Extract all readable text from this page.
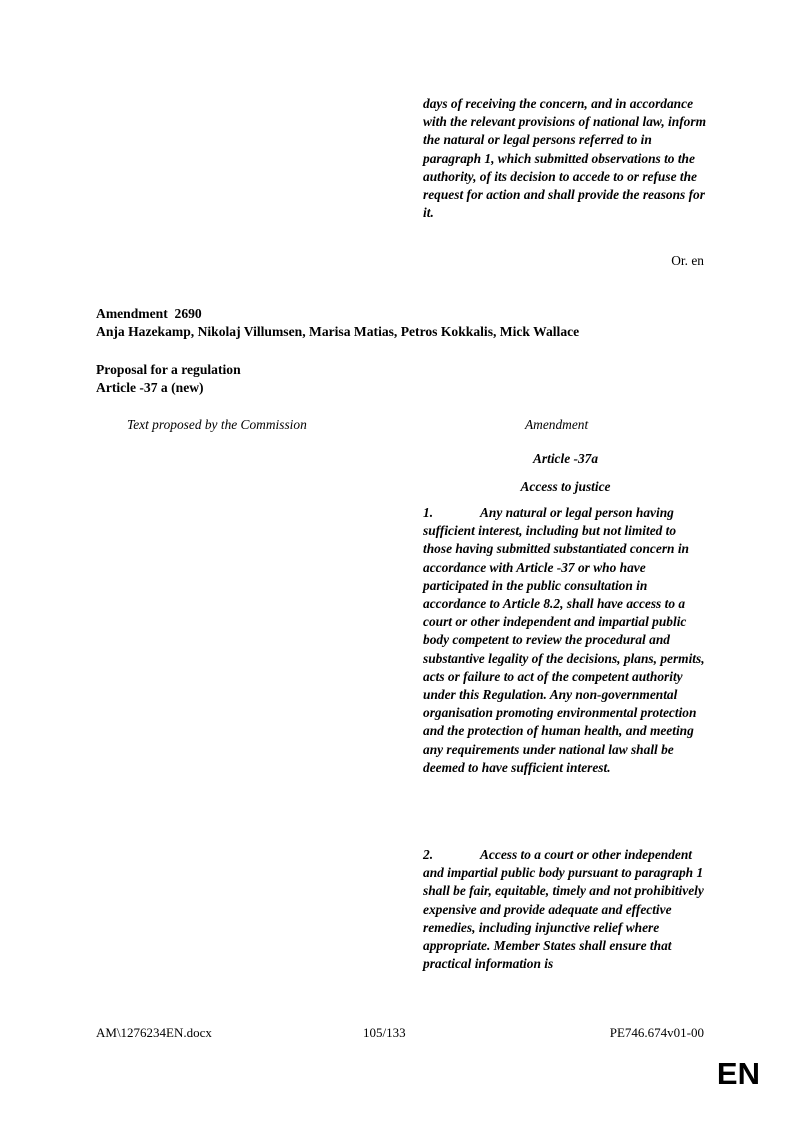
days of receiving the concern, and in accordance with the relevant provisions of national law, inform the natural or legal persons referred to in paragraph 1, which submitted observations to the authority, of its decision to accede to or refuse the request for action and shall provide the reasons for it.

Or. en
Amendment  2690
Anja Hazekamp, Nikolaj Villumsen, Marisa Matias, Petros Kokkalis, Mick Wallace
Proposal for a regulation
Article -37 a (new)
Text proposed by the Commission	Amendment
Article -37a
Access to justice

1.	Any natural or legal person having sufficient interest, including but not limited to those having submitted substantiated concern in accordance with Article -37 or who have participated in the public consultation in accordance to Article 8.2, shall have access to a court or other independent and impartial public body competent to review the procedural and substantive legality of the decisions, plans, permits, acts or failure to act of the competent authority under this Regulation. Any non-governmental organisation promoting environmental protection and the protection of human health, and meeting any requirements under national law shall be deemed to have sufficient interest.

2.	Access to a court or other independent and impartial public body pursuant to paragraph 1 shall be fair, equitable, timely and not prohibitively expensive and provide adequate and effective remedies, including injunctive relief where appropriate. Member States shall ensure that practical information is

AM\1276234EN.docx	105/133	PE746.674v01-00
EN
